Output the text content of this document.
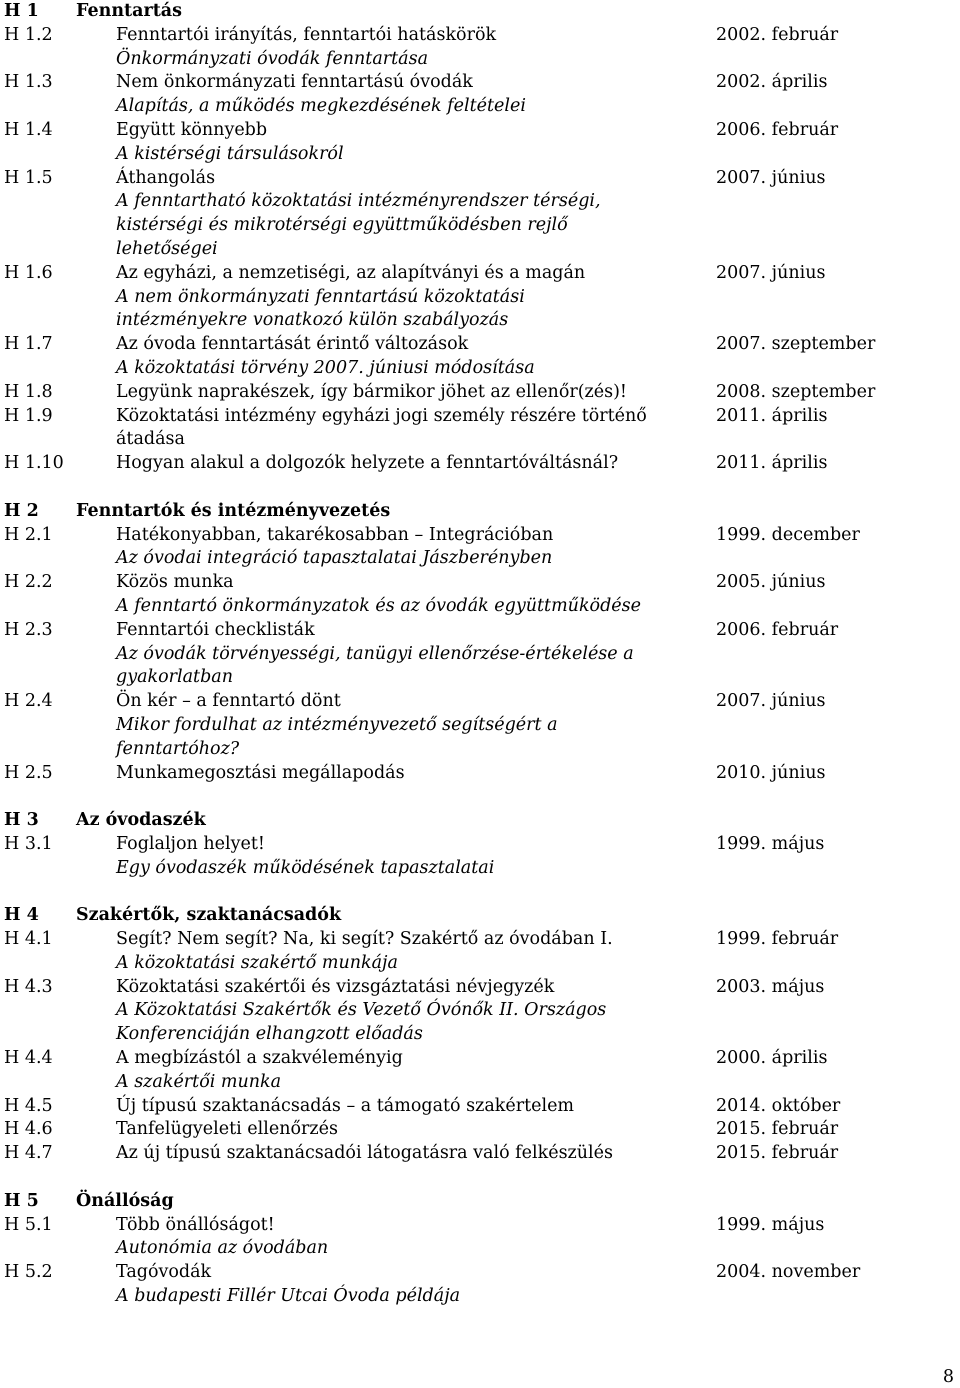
H 1	Fenntartás
H 1.2	Fenntartói irányítás, fenntartói hatáskörök	2002. február
Önkormányzati óvodák fenntartása
H 1.3	Nem önkormányzati fenntartású óvodák	2002. április
Alapítás, a működés megkezdésének feltételei
H 1.4	Együtt könnyebb	2006. február
A kistérségi társulásokról
H 1.5	Áthangolás	2007. június
A fenntartható közoktatási intézményrendszer térségi,
kistérségi és mikrotérségi együttműködésben rejlő
lehetőségei
H 1.6	Az egyházi, a nemzetiségi, az alapítványi és a magán	2007. június
A nem önkormányzati fenntartású közoktatási
intézményekre vonatkozó külön szabályozás
H 1.7	Az óvoda fenntartását érintő változások	2007. szeptember
A közoktatási törvény 2007. júniusi módosítása
H 1.8	Legyünk naprakészek, így bármikor jöhet az ellenőr(zés)!	2008. szeptember
H 1.9	Közoktatási intézmény egyházi jogi személy részére történő	2011. április
átadása
H 1.10	Hogyan alakul a dolgozók helyzete a fenntartóváltásnál?	2011. április
H 2	Fenntartók és intézményvezetés
H 2.1	Hatékonyabban, takarékosabban – Integrációban	1999. december
Az óvodai integráció tapasztalatai Jászberényben
H 2.2	Közös munka	2005. június
A fenntartó önkormányzatok és az óvodák együttműködése
H 2.3	Fenntartói checklisták	2006. február
Az óvodák törvényességi, tanügyi ellenőrzése-értékelése a
gyakorlatban
H 2.4	Ön kér – a fenntartó dönt	2007. június
Mikor fordulhat az intézményvezető segítségért a
fenntartóhoz?
H 2.5	Munkamegosztási megállapodás	2010. június
H 3	Az óvodaszék
H 3.1	Foglaljon helyet!	1999. május
Egy óvodaszék működésének tapasztalatai
H 4	Szakértők, szaktanácsadók
H 4.1	Segít? Nem segít? Na, ki segít? Szakértő az óvodában I.	1999. február
A közoktatási szakértő munkája
H 4.3	Közoktatási szakértői és vizsgáztatási névjegyzék	2003. május
A Közoktatási Szakértők és Vezető Óvónők II. Országos
Konferenciáján elhangzott előadás
H 4.4	A megbízástól a szakvéleményig	2000. április
A szakértői munka
H 4.5	Új típusú szaktanácsadás – a támogató szakértelem	2014. október
H 4.6	Tanfelügyeleti ellenőrzés	2015. február
H 4.7	Az új típusú szaktanácsadói látogatásra való felkészülés	2015. február
H 5	Önállóság
H 5.1	Több önállóságot!	1999. május
Autonómia az óvodában
H 5.2	Tagóvodák	2004. november
A budapesti Fillér Utcai Óvoda példája
8
